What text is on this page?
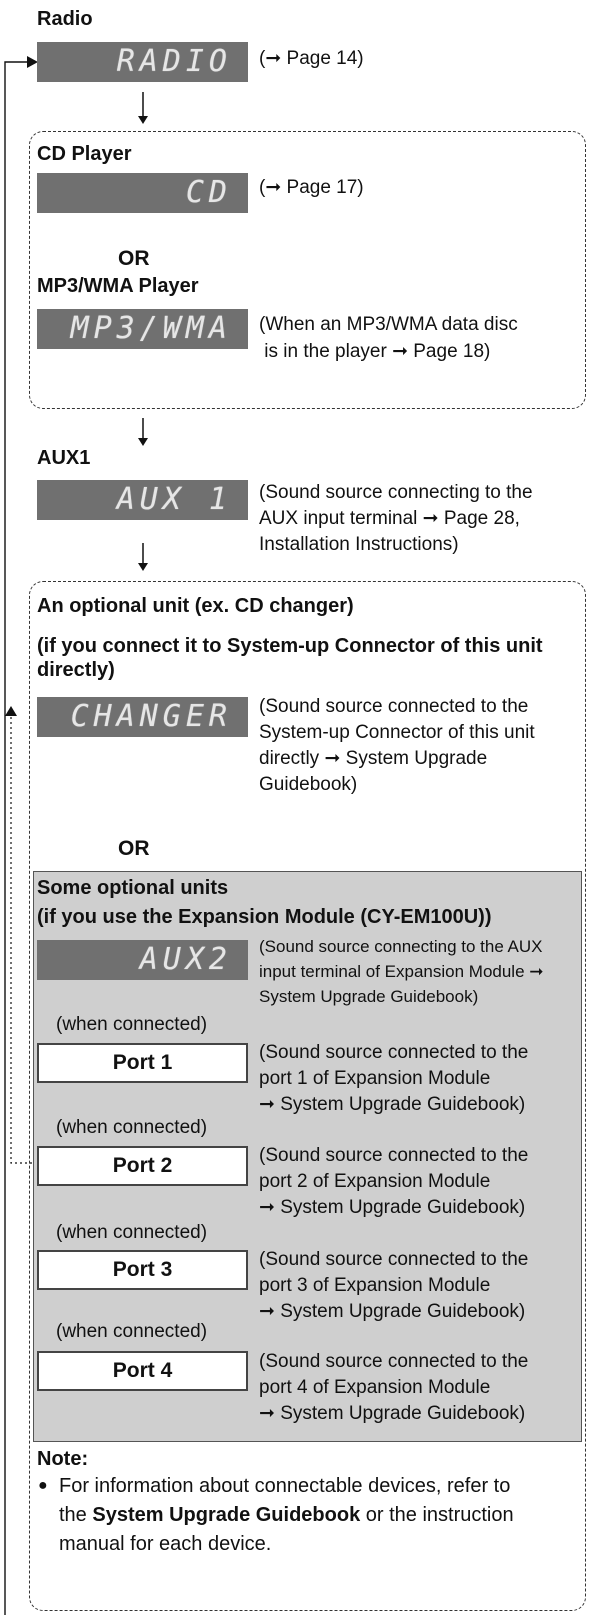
Radio
RADIO	(➞ Page 14)
CD Player
CD	(➞ Page 17)
OR
MP3/WMA Player
MP3/WMA	(When an MP3/WMA data disc
is in the player ➞ Page 18)
AUX1
AUX 1	(Sound source connecting to the
AUX input terminal ➞ Page 28,
Installation Instructions)
An optional unit (ex. CD changer)
(if you connect it to System-up Connector of this unit
directly)
CHANGER	(Sound source connected to the
System-up Connector of this unit
directly ➞ System Upgrade
Guidebook)
OR
Some optional units
(if you use the Expansion Module (CY-EM100U))
AUX2	(Sound source connecting to the AUX
input terminal of Expansion Module ➞
System Upgrade Guidebook)
(when connected)
Port 1	(Sound source connected to the
port 1 of Expansion Module
➞ System Upgrade Guidebook)
(when connected)
Port 2	(Sound source connected to the
port 2 of Expansion Module
➞ System Upgrade Guidebook)
(when connected)
Port 3	(Sound source connected to the
port 3 of Expansion Module
➞ System Upgrade Guidebook)
(when connected)
Port 4	(Sound source connected to the
port 4 of Expansion Module
➞ System Upgrade Guidebook)
Note:
● For information about connectable devices, refer to
the System Upgrade Guidebook or the instruction
manual for each device.
